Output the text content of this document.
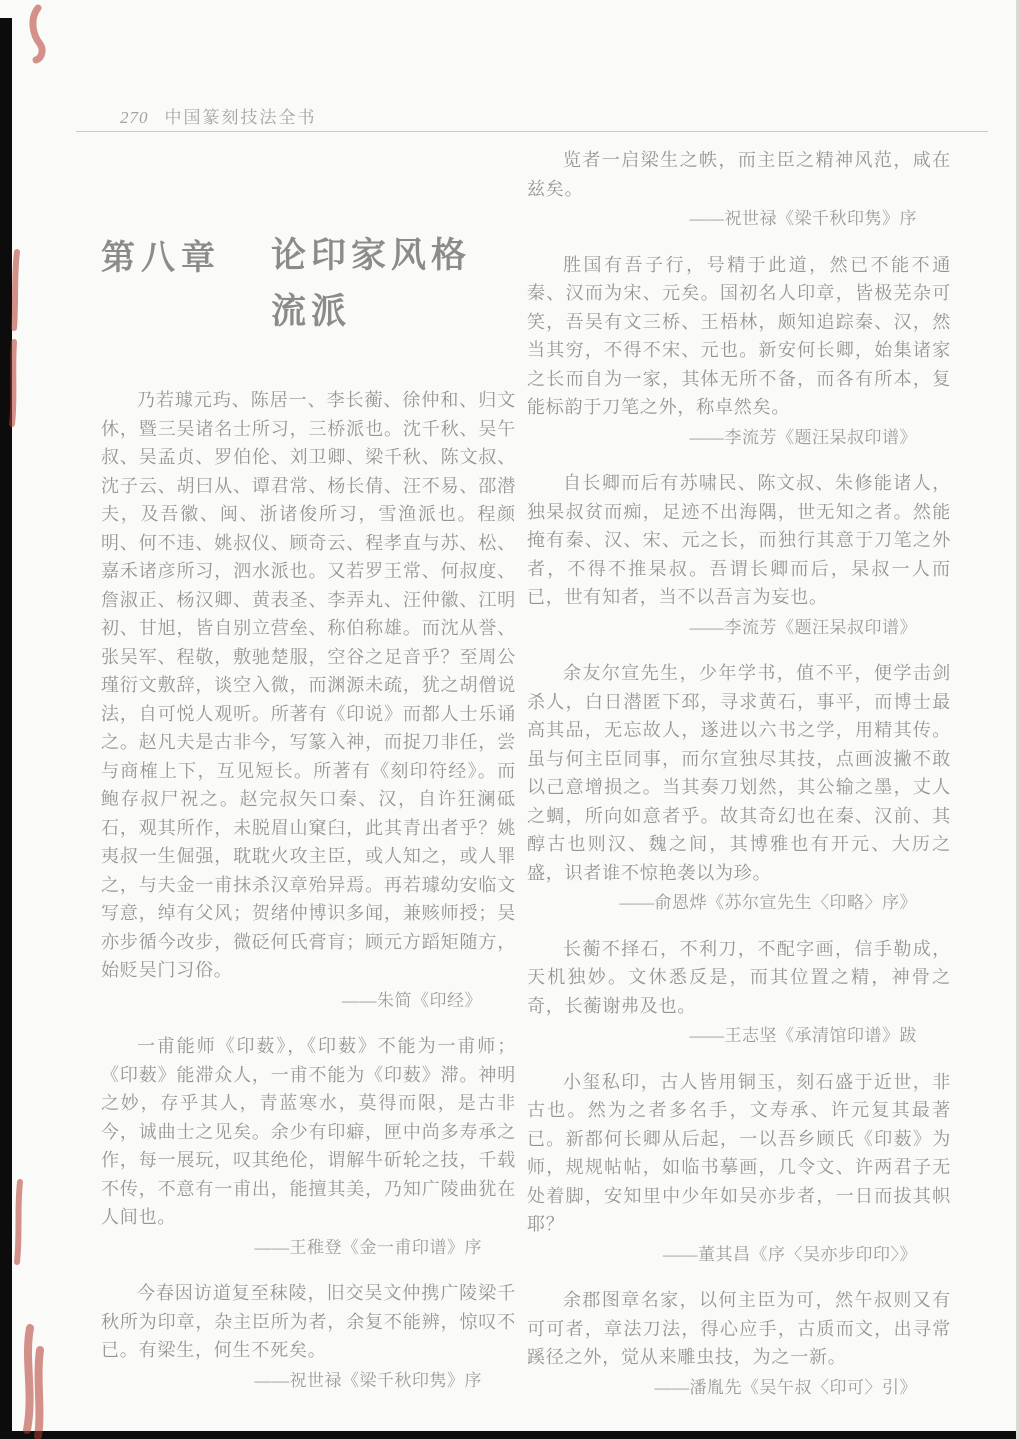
270 中国篆刻技法全书
第八章 论印家风格
流派

乃若璩元玙、陈居一、李长蘅、徐仲和、归文休，暨三吴诸名士所习，三桥派也。沈千秋、吴午叔、吴孟贞、罗伯伦、刘卫卿、梁千秋、陈文叔、沈子云、胡曰从、谭君常、杨长倩、汪不易、邵潜夫，及吾徽、闽、浙诸俊所习，雪渔派也。程颜明、何不违、姚叔仪、顾奇云、程孝直与苏、松、嘉禾诸彦所习，泗水派也。又若罗王常、何叔度、詹淑正、杨汉卿、黄表圣、李弄丸、汪仲徽、江明初、甘旭，皆自别立营垒、称伯称雄。而沈从誉、张吴军、程敬，敷驰楚服，空谷之足音乎？至周公瑾衍文敷辞，谈空入微，而渊源未疏，犹之胡僧说法，自可悦人观听。所著有《印说》而都人士乐诵之。赵凡夫是古非今，写篆入神，而捉刀非任，尝与商榷上下，互见短长。所著有《刻印符经》。而鲍存叔尸祝之。赵完叔矢口秦、汉，自许狂澜砥石，观其所作，未脱眉山窠臼，此其青出者乎？姚夷叔一生倔强，耽耽火攻主臣，或人知之，或人罪之，与夫金一甫抹杀汉章殆异焉。再若璩幼安临文写意，绰有父风；贺绪仲博识多闻，兼赅师授；吴亦步循今改步，微砭何氏膏肓；顾元方蹈矩随方，始贬吴门习俗。

——朱简《印经》

一甫能师《印薮》，《印薮》不能为一甫师；《印薮》能滞众人，一甫不能为《印薮》滞。神明之妙，存乎其人，青蓝寒水，莫得而限，是古非今，诚曲士之见矣。余少有印癖，匣中尚多寿承之作，每一展玩，叹其绝伦，谓解牛斫轮之技，千载不传，不意有一甫出，能擅其美，乃知广陵曲犹在人间也。

——王稚登《金一甫印谱》序

今春因访道复至秣陵，旧交吴文仲携广陵梁千秋所为印章，杂主臣所为者，余复不能辨，惊叹不已。有梁生，何生不死矣。

——祝世禄《梁千秋印隽》序

览者一启梁生之帙，而主臣之精神风范，咸在兹矣。

——祝世禄《梁千秋印隽》序

胜国有吾子行，号精于此道，然已不能不通秦、汉而为宋、元矣。国初名人印章，皆极芜杂可笑，吾吴有文三桥、王梧林，颇知追踪秦、汉，然当其穷，不得不宋、元也。新安何长卿，始集诸家之长而自为一家，其体无所不备，而各有所本，复能标韵于刀笔之外，称卓然矣。

——李流芳《题汪杲叔印谱》

自长卿而后有苏啸民、陈文叔、朱修能诸人，独杲叔贫而痴，足迹不出海隅，世无知之者。然能掩有秦、汉、宋、元之长，而独行其意于刀笔之外者，不得不推杲叔。吾谓长卿而后，杲叔一人而已，世有知者，当不以吾言为妄也。

——李流芳《题汪杲叔印谱》

余友尔宣先生，少年学书，值不平，便学击剑杀人，白日潜匿下邳，寻求黄石，事平，而博士最高其品，无忘故人，遂进以六书之学，用精其传。虽与何主臣同事，而尔宣独尽其技，点画波撇不敢以己意增损之。当其奏刀划然，其公输之墨，丈人之蜩，所向如意者乎。故其奇幻也在秦、汉前、其醇古也则汉、魏之间，其博雅也有开元、大历之盛，识者谁不惊艳袭以为珍。

——俞恩烨《苏尔宣先生〈印略〉序》

长蘅不择石，不利刀，不配字画，信手勒成，天机独妙。文休悉反是，而其位置之精，神骨之奇，长蘅谢弗及也。

——王志坚《承清馆印谱》跋

小玺私印，古人皆用铜玉，刻石盛于近世，非古也。然为之者多名手，文寿承、许元复其最著已。新都何长卿从后起，一以吾乡顾氏《印薮》为师，规规帖帖，如临书摹画，几令文、许两君子无处着脚，安知里中少年如吴亦步者，一日而拔其帜耶？

——董其昌《序〈吴亦步印印〉》

余郡图章名家，以何主臣为可，然午叔则又有可可者，章法刀法，得心应手，古质而文，出寻常蹊径之外，觉从来雕虫技，为之一新。

——潘胤先《吴午叔〈印可〉引》
